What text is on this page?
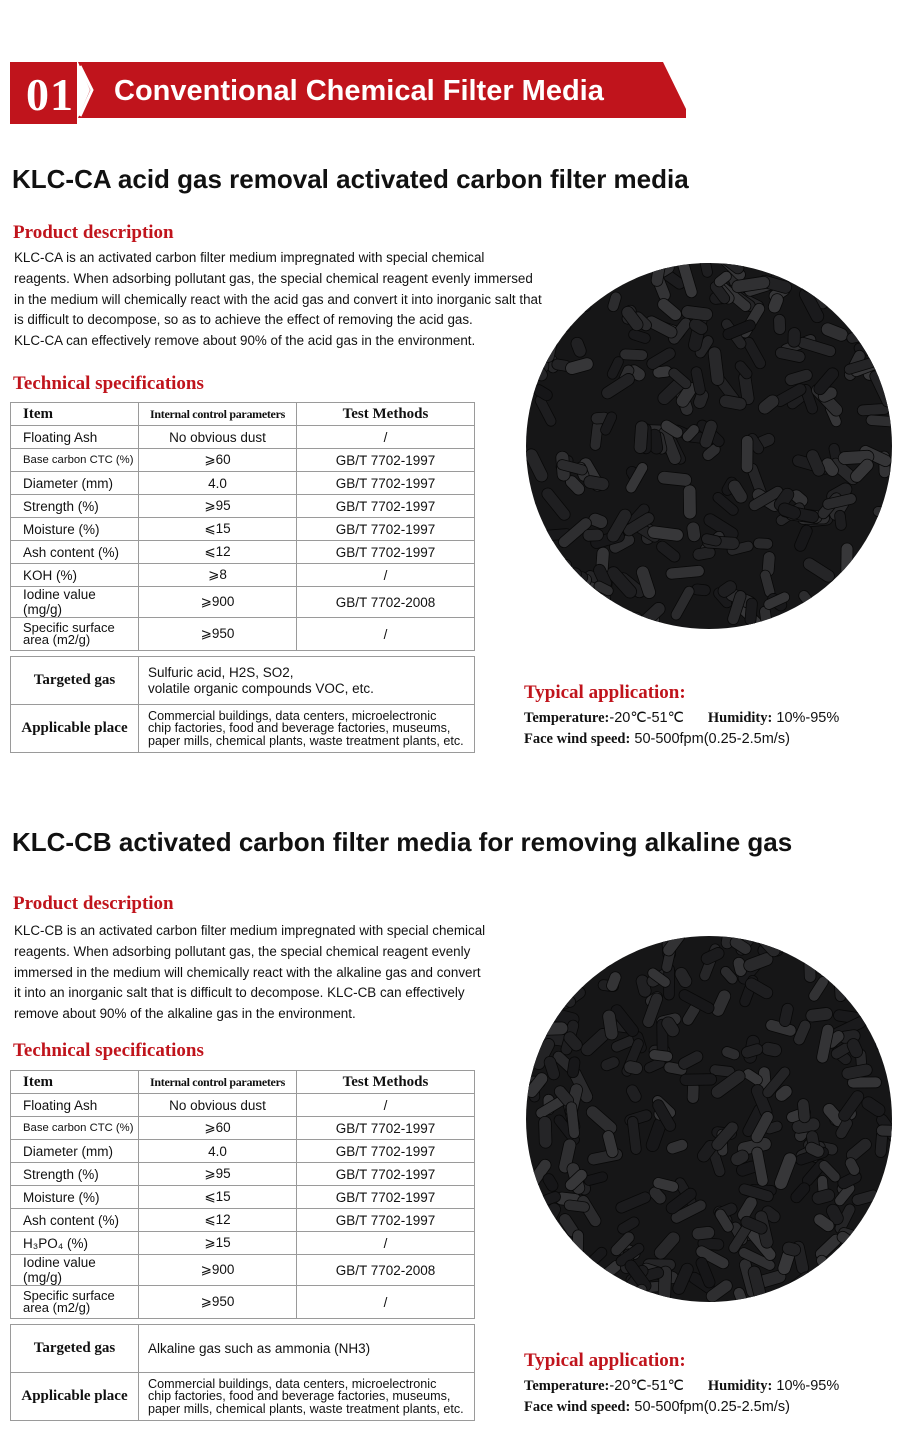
01 Conventional Chemical Filter Media
KLC-CA acid gas removal activated carbon filter media
Product description

KLC-CA is an activated carbon filter medium impregnated with special chemical

reagents. When adsorbing pollutant gas, the special chemical reagent evenly immersed

in the medium will chemically react with the acid gas and convert it into inorganic salt that

is difficult to decompose, so as to achieve the effect of removing the acid gas.

KLC-CA can effectively remove about 90% of the acid gas in the environment.

Technical specifications
Item	Internal control parameters	Test Methods
Floating Ash	No obvious dust	/
Base carbon CTC (%)	⩾60	GB/T 7702-1997
Diameter (mm)	4.0	GB/T 7702-1997
Strength (%)	⩾95	GB/T 7702-1997
Moisture (%)	⩽15	GB/T 7702-1997
Ash content (%)	⩽12	GB/T 7702-1997
KOH (%)	⩾8	/
Iodine value (mg/g)	⩾900	GB/T 7702-2008
Specific surface area (m2/g)	⩾950	/
Targeted gas	Sulfuric acid, H2S, SO2,
volatile organic compounds VOC, etc.

Applicable place	Commercial buildings, data centers, microelectronic
chip factories, food and beverage factories, museums,
paper mills, chemical plants, waste treatment plants, etc.
Typical application:
Temperature:-20℃-51℃ Humidity: 10%-95%
Face wind speed: 50-500fpm(0.25-2.5m/s)
KLC-CB activated carbon filter media for removing alkaline gas
Product description

KLC-CB is an activated carbon filter medium impregnated with special chemical

reagents. When adsorbing pollutant gas, the special chemical reagent evenly

immersed in the medium will chemically react with the alkaline gas and convert

it into an inorganic salt that is difficult to decompose. KLC-CB can effectively

remove about 90% of the alkaline gas in the environment.

Technical specifications
Item	Internal control parameters	Test Methods
Floating Ash	No obvious dust	/
Base carbon CTC (%)	⩾60	GB/T 7702-1997
Diameter (mm)	4.0	GB/T 7702-1997
Strength (%)	⩾95	GB/T 7702-1997
Moisture (%)	⩽15	GB/T 7702-1997
Ash content (%)	⩽12	GB/T 7702-1997
H₃PO₄ (%)	⩾15	/
Iodine value (mg/g)	⩾900	GB/T 7702-2008
Specific surface area (m2/g)	⩾950	/
Targeted gas	Alkaline gas such as ammonia (NH3)

Applicable place	Commercial buildings, data centers, microelectronic
chip factories, food and beverage factories, museums,
paper mills, chemical plants, waste treatment plants, etc.
Typical application:
Temperature:-20℃-51℃ Humidity: 10%-95%
Face wind speed: 50-500fpm(0.25-2.5m/s)
